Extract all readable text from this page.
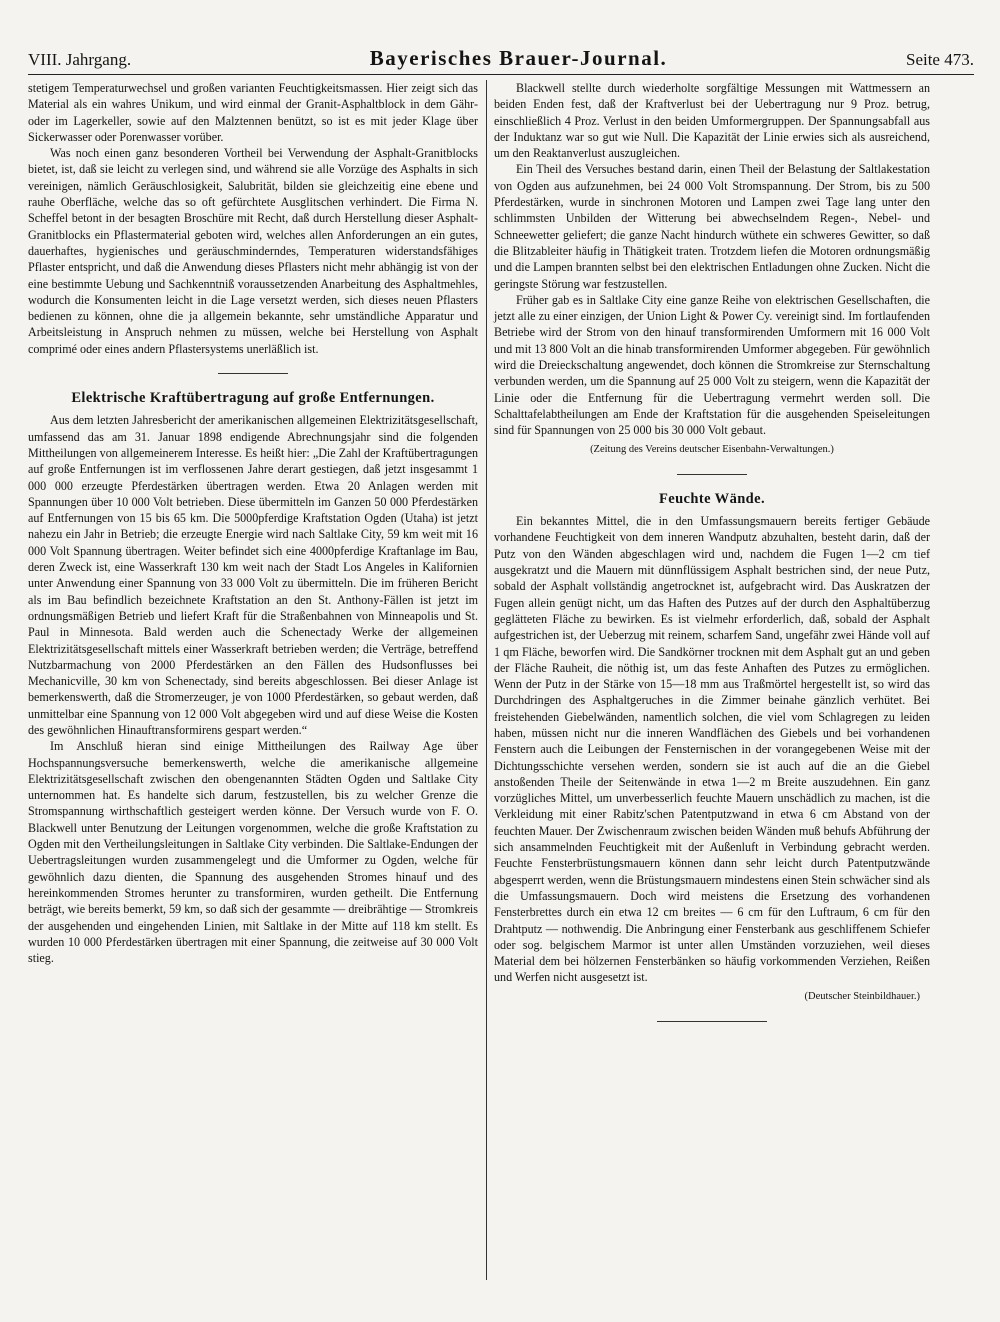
VIII. Jahrgang.	Bayerisches Brauer-Journal.	Seite 473.

stetigem Temperaturwechsel und großen varianten Feuchtigkeitsmassen. Hier zeigt sich das Material als ein wahres Unikum, und wird einmal der Granit-Asphaltblock in dem Gähr- oder im Lagerkeller, sowie auf den Malztennen benützt, so ist es mit jeder Klage über Sickerwasser oder Porenwasser vorüber.

Was noch einen ganz besonderen Vortheil bei Verwendung der Asphalt-Granitblocks bietet, ist, daß sie leicht zu verlegen sind, und während sie alle Vorzüge des Asphalts in sich vereinigen, nämlich Geräuschlosigkeit, Salubrität, bilden sie gleichzeitig eine ebene und rauhe Oberfläche, welche das so oft gefürchtete Ausglitschen verhindert. Die Firma N. Scheffel betont in der besagten Broschüre mit Recht, daß durch Herstellung dieser Asphalt-Granitblocks ein Pflastermaterial geboten wird, welches allen Anforderungen an ein gutes, dauerhaftes, hygienisches und geräuschminderndes, Temperaturen widerstandsfähiges Pflaster entspricht, und daß die Anwendung dieses Pflasters nicht mehr abhängig ist von der eine bestimmte Uebung und Sachkenntniß voraussetzenden Anarbeitung des Asphaltmehles, wodurch die Konsumenten leicht in die Lage versetzt werden, sich dieses neuen Pflasters bedienen zu können, ohne die ja allgemein bekannte, sehr umständliche Apparatur und Arbeitsleistung in Anspruch nehmen zu müssen, welche bei Herstellung von Asphalt comprimé oder eines andern Pflastersystems unerläßlich ist.

Elektrische Kraftübertragung auf große Entfernungen.

Aus dem letzten Jahresbericht der amerikanischen allgemeinen Elektrizitätsgesellschaft, umfassend das am 31. Januar 1898 endigende Abrechnungsjahr sind die folgenden Mittheilungen von allgemeinerem Interesse. Es heißt hier: „Die Zahl der Kraftübertragungen auf große Entfernungen ist im verflossenen Jahre derart gestiegen, daß jetzt insgesammt 1 000 000 erzeugte Pferdestärken übertragen werden. Etwa 20 Anlagen werden mit Spannungen über 10 000 Volt betrieben. Diese übermitteln im Ganzen 50 000 Pferdestärken auf Entfernungen von 15 bis 65 km. Die 5000pferdige Kraftstation Ogden (Utaha) ist jetzt nahezu ein Jahr in Betrieb; die erzeugte Energie wird nach Saltlake City, 59 km weit mit 16 000 Volt Spannung übertragen. Weiter befindet sich eine 4000pferdige Kraftanlage im Bau, deren Zweck ist, eine Wasserkraft 130 km weit nach der Stadt Los Angeles in Kalifornien unter Anwendung einer Spannung von 33 000 Volt zu übermitteln. Die im früheren Bericht als im Bau befindlich bezeichnete Kraftstation an den St. Anthony-Fällen ist jetzt im ordnungsmäßigen Betrieb und liefert Kraft für die Straßenbahnen von Minneapolis und St. Paul in Minnesota. Bald werden auch die Schenectady Werke der allgemeinen Elektrizitätsgesellschaft mittels einer Wasserkraft betrieben werden; die Verträge, betreffend Nutzbarmachung von 2000 Pferdestärken an den Fällen des Hudsonflusses bei Mechanicville, 30 km von Schenectady, sind bereits abgeschlossen. Bei dieser Anlage ist bemerkenswerth, daß die Stromerzeuger, je von 1000 Pferdestärken, so gebaut werden, daß unmittelbar eine Spannung von 12 000 Volt abgegeben wird und auf diese Weise die Kosten des gewöhnlichen Hinauftransformirens gespart werden.“

Im Anschluß hieran sind einige Mittheilungen des Railway Age über Hochspannungsversuche bemerkenswerth, welche die amerikanische allgemeine Elektrizitätsgesellschaft zwischen den obengenannten Städten Ogden und Saltlake City unternommen hat. Es handelte sich darum, festzustellen, bis zu welcher Grenze die Stromspannung wirthschaftlich gesteigert werden könne. Der Versuch wurde von F. O. Blackwell unter Benutzung der Leitungen vorgenommen, welche die große Kraftstation zu Ogden mit den Vertheilungsleitungen in Saltlake City verbinden. Die Saltlake-Endungen der Uebertragsleitungen wurden zusammengelegt und die Umformer zu Ogden, welche für gewöhnlich dazu dienten, die Spannung des ausgehenden Stromes hinauf und des hereinkommenden Stromes herunter zu transformiren, wurden getheilt. Die Entfernung beträgt, wie bereits bemerkt, 59 km, so daß sich der gesammte — dreibrähtige — Stromkreis der ausgehenden und eingehenden Linien, mit Saltlake in der Mitte auf 118 km stellt. Es wurden 10 000 Pferdestärken übertragen mit einer Spannung, die zeitweise auf 30 000 Volt stieg.

Blackwell stellte durch wiederholte sorgfältige Messungen mit Wattmessern an beiden Enden fest, daß der Kraftverlust bei der Uebertragung nur 9 Proz. betrug, einschließlich 4 Proz. Verlust in den beiden Umformergruppen. Der Spannungsabfall aus der Induktanz war so gut wie Null. Die Kapazität der Linie erwies sich als ausreichend, um den Reaktanverlust auszugleichen.

Ein Theil des Versuches bestand darin, einen Theil der Belastung der Saltlakestation von Ogden aus aufzunehmen, bei 24 000 Volt Stromspannung. Der Strom, bis zu 500 Pferdestärken, wurde in sinchronen Motoren und Lampen zwei Tage lang unter den schlimmsten Unbilden der Witterung bei abwechselndem Regen-, Nebel- und Schneewetter geliefert; die ganze Nacht hindurch wüthete ein schweres Gewitter, so daß die Blitzableiter häufig in Thätigkeit traten. Trotzdem liefen die Motoren ordnungsmäßig und die Lampen brannten selbst bei den elektrischen Entladungen ohne Zucken. Nicht die geringste Störung war festzustellen.

Früher gab es in Saltlake City eine ganze Reihe von elektrischen Gesellschaften, die jetzt alle zu einer einzigen, der Union Light & Power Cy. vereinigt sind. Im fortlaufenden Betriebe wird der Strom von den hinauf transformirenden Umformern mit 16 000 Volt und mit 13 800 Volt an die hinab transformirenden Umformer abgegeben. Für gewöhnlich wird die Dreieckschaltung angewendet, doch können die Stromkreise zur Sternschaltung verbunden werden, um die Spannung auf 25 000 Volt zu steigern, wenn die Kapazität der Linie oder die Entfernung für die Uebertragung vermehrt werden soll. Die Schalttafelabtheilungen am Ende der Kraftstation für die ausgehenden Speiseleitungen sind für Spannungen von 25 000 bis 30 000 Volt gebaut.

(Zeitung des Vereins deutscher Eisenbahn-Verwaltungen.)
Feuchte Wände.

Ein bekanntes Mittel, die in den Umfassungsmauern bereits fertiger Gebäude vorhandene Feuchtigkeit von dem inneren Wandputz abzuhalten, besteht darin, daß der Putz von den Wänden abgeschlagen wird und, nachdem die Fugen 1—2 cm tief ausgekratzt und die Mauern mit dünnflüssigem Asphalt bestrichen sind, der neue Putz, sobald der Asphalt vollständig angetrocknet ist, aufgebracht wird. Das Auskratzen der Fugen allein genügt nicht, um das Haften des Putzes auf der durch den Asphaltüberzug geglätteten Fläche zu bewirken. Es ist vielmehr erforderlich, daß, sobald der Asphalt aufgestrichen ist, der Ueberzug mit reinem, scharfem Sand, ungefähr zwei Hände voll auf 1 qm Fläche, beworfen wird. Die Sandkörner trocknen mit dem Asphalt gut an und geben der Fläche Rauheit, die nöthig ist, um das feste Anhaften des Putzes zu ermöglichen. Wenn der Putz in der Stärke von 15—18 mm aus Traßmörtel hergestellt ist, so wird das Durchdringen des Asphaltgeruches in die Zimmer beinahe gänzlich verhütet. Bei freistehenden Giebelwänden, namentlich solchen, die viel vom Schlagregen zu leiden haben, müssen nicht nur die inneren Wandflächen des Giebels und bei vorhandenen Fenstern auch die Leibungen der Fensternischen in der vorangegebenen Weise mit der Dichtungsschichte versehen werden, sondern sie ist auch auf die an die Giebel anstoßenden Theile der Seitenwände in etwa 1—2 m Breite auszudehnen. Ein ganz vorzügliches Mittel, um unverbesserlich feuchte Mauern unschädlich zu machen, ist die Verkleidung mit einer Rabitz'schen Patentputzwand in etwa 6 cm Abstand von der feuchten Mauer. Der Zwischenraum zwischen beiden Wänden muß behufs Abführung der sich ansammelnden Feuchtigkeit mit der Außenluft in Verbindung gebracht werden. Feuchte Fensterbrüstungsmauern können dann sehr leicht durch Patentputzwände abgesperrt werden, wenn die Brüstungsmauern mindestens einen Stein schwächer sind als die Umfassungsmauern. Doch wird meistens die Ersetzung des vorhandenen Fensterbrettes durch ein etwa 12 cm breites — 6 cm für den Luftraum, 6 cm für den Drahtputz — nothwendig. Die Anbringung einer Fensterbank aus geschliffenem Schiefer oder sog. belgischem Marmor ist unter allen Umständen vorzuziehen, weil dieses Material dem bei hölzernen Fensterbänken so häufig vorkommenden Verziehen, Reißen und Werfen nicht ausgesetzt ist.

(Deutscher Steinbildhauer.)
